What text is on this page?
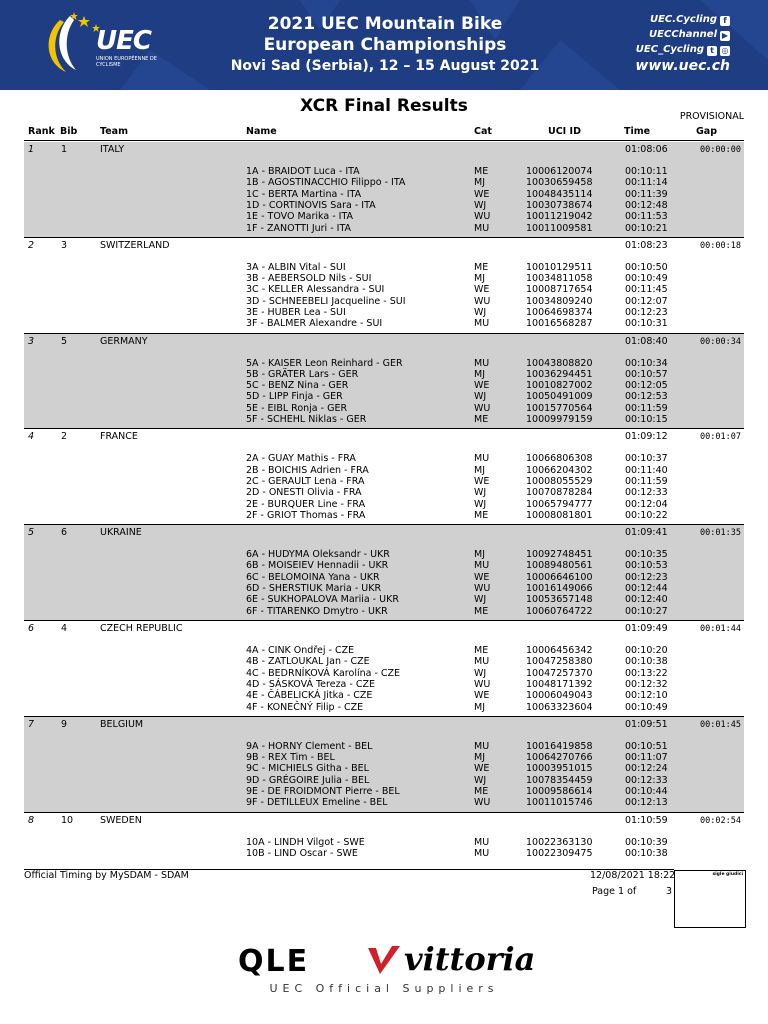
UEC
UNION EUROPÉENNE DE CYCLISME
2021 UEC Mountain Bike
European Championships
Novi Sad (Serbia), 12 – 15 August 2021
UEC.Cycling f
UECChannel ▶
UEC_Cycling t ◎
www.uec.ch
XCR Final Results
PROVISIONAL
Rank Bib Team	Name	Cat	UCI ID	Time	Gap
1	1	ITALY	01:08:06	00:00:00
1A - BRAIDOT Luca - ITA	ME	10006120074	00:10:11
1B - AGOSTINACCHIO Filippo - ITA	MJ	10030659458	00:11:14
1C - BERTA Martina - ITA	WE	10048435114	00:11:39
1D - CORTINOVIS Sara - ITA	WJ	10030738674	00:12:48
1E - TOVO Marika - ITA	WU	10011219042	00:11:53
1F - ZANOTTI Juri - ITA	MU	10011009581	00:10:21
2	3	SWITZERLAND	01:08:23	00:00:18
3A - ALBIN Vital - SUI	ME	10010129511	00:10:50
3B - AEBERSOLD Nils - SUI	MJ	10034811058	00:10:49
3C - KELLER Alessandra - SUI	WE	10008717654	00:11:45
3D - SCHNEEBELI Jacqueline - SUI	WU	10034809240	00:12:07
3E - HUBER Lea - SUI	WJ	10064698374	00:12:23
3F - BALMER Alexandre - SUI	MU	10016568287	00:10:31
3	5	GERMANY	01:08:40	00:00:34
5A - KAISER Leon Reinhard - GER	MU	10043808820	00:10:34
5B - GRÄTER Lars - GER	MJ	10036294451	00:10:57
5C - BENZ Nina - GER	WE	10010827002	00:12:05
5D - LIPP Finja - GER	WJ	10050491009	00:12:53
5E - EIBL Ronja - GER	WU	10015770564	00:11:59
5F - SCHEHL Niklas - GER	ME	10009979159	00:10:15
4	2	FRANCE	01:09:12	00:01:07
2A - GUAY Mathis - FRA	MU	10066806308	00:10:37
2B - BOICHIS Adrien - FRA	MJ	10066204302	00:11:40
2C - GERAULT Lena - FRA	WE	10008055529	00:11:59
2D - ONESTI Olivia - FRA	WJ	10070878284	00:12:33
2E - BURQUER Line - FRA	WJ	10065794777	00:12:04
2F - GRIOT Thomas - FRA	ME	10008081801	00:10:22
5	6	UKRAINE	01:09:41	00:01:35
6A - HUDYMA Oleksandr - UKR	MJ	10092748451	00:10:35
6B - MOISEIEV Hennadii - UKR	MU	10089480561	00:10:53
6C - BELOMOINA Yana - UKR	WE	10006646100	00:12:23
6D - SHERSTIUK Maria - UKR	WU	10016149066	00:12:44
6E - SUKHOPALOVA Mariia - UKR	WJ	10053657148	00:12:40
6F - TITARENKO Dmytro - UKR	ME	10060764722	00:10:27
6	4	CZECH REPUBLIC	01:09:49	00:01:44
4A - CINK Ondřej - CZE	ME	10006456342	00:10:20
4B - ZATLOUKAL Jan - CZE	MU	10047258380	00:10:38
4C - BEDRNÍKOVÁ Karolína - CZE	WJ	10047257370	00:13:22
4D - SÁSKOVÁ Tereza - CZE	WU	10048171392	00:12:32
4E - ČÁBELICKÁ Jitka - CZE	WE	10006049043	00:12:10
4F - KONEČNÝ Filip - CZE	MJ	10063323604	00:10:49
7	9	BELGIUM	01:09:51	00:01:45
9A - HORNY Clement - BEL	MU	10016419858	00:10:51
9B - REX Tim - BEL	MJ	10064270766	00:11:07
9C - MICHIELS Githa - BEL	WE	10003951015	00:12:24
9D - GRÉGOIRE Julia - BEL	WJ	10078354459	00:12:33
9E - DE FROIDMONT Pierre - BEL	ME	10009586614	00:10:44
9F - DETILLEUX Emeline - BEL	WU	10011015746	00:12:13
8	10	SWEDEN	01:10:59	00:02:54
10A - LINDH Vilgot - SWE	MU	10022363130	00:10:39
10B - LIND Oscar - SWE	MU	10022309475	00:10:38
Official Timing by MySDAM - SDAM	12/08/2021 18:22
Page 1 of	3
sigle giudici
QLE	vittoria
UEC Official Suppliers
